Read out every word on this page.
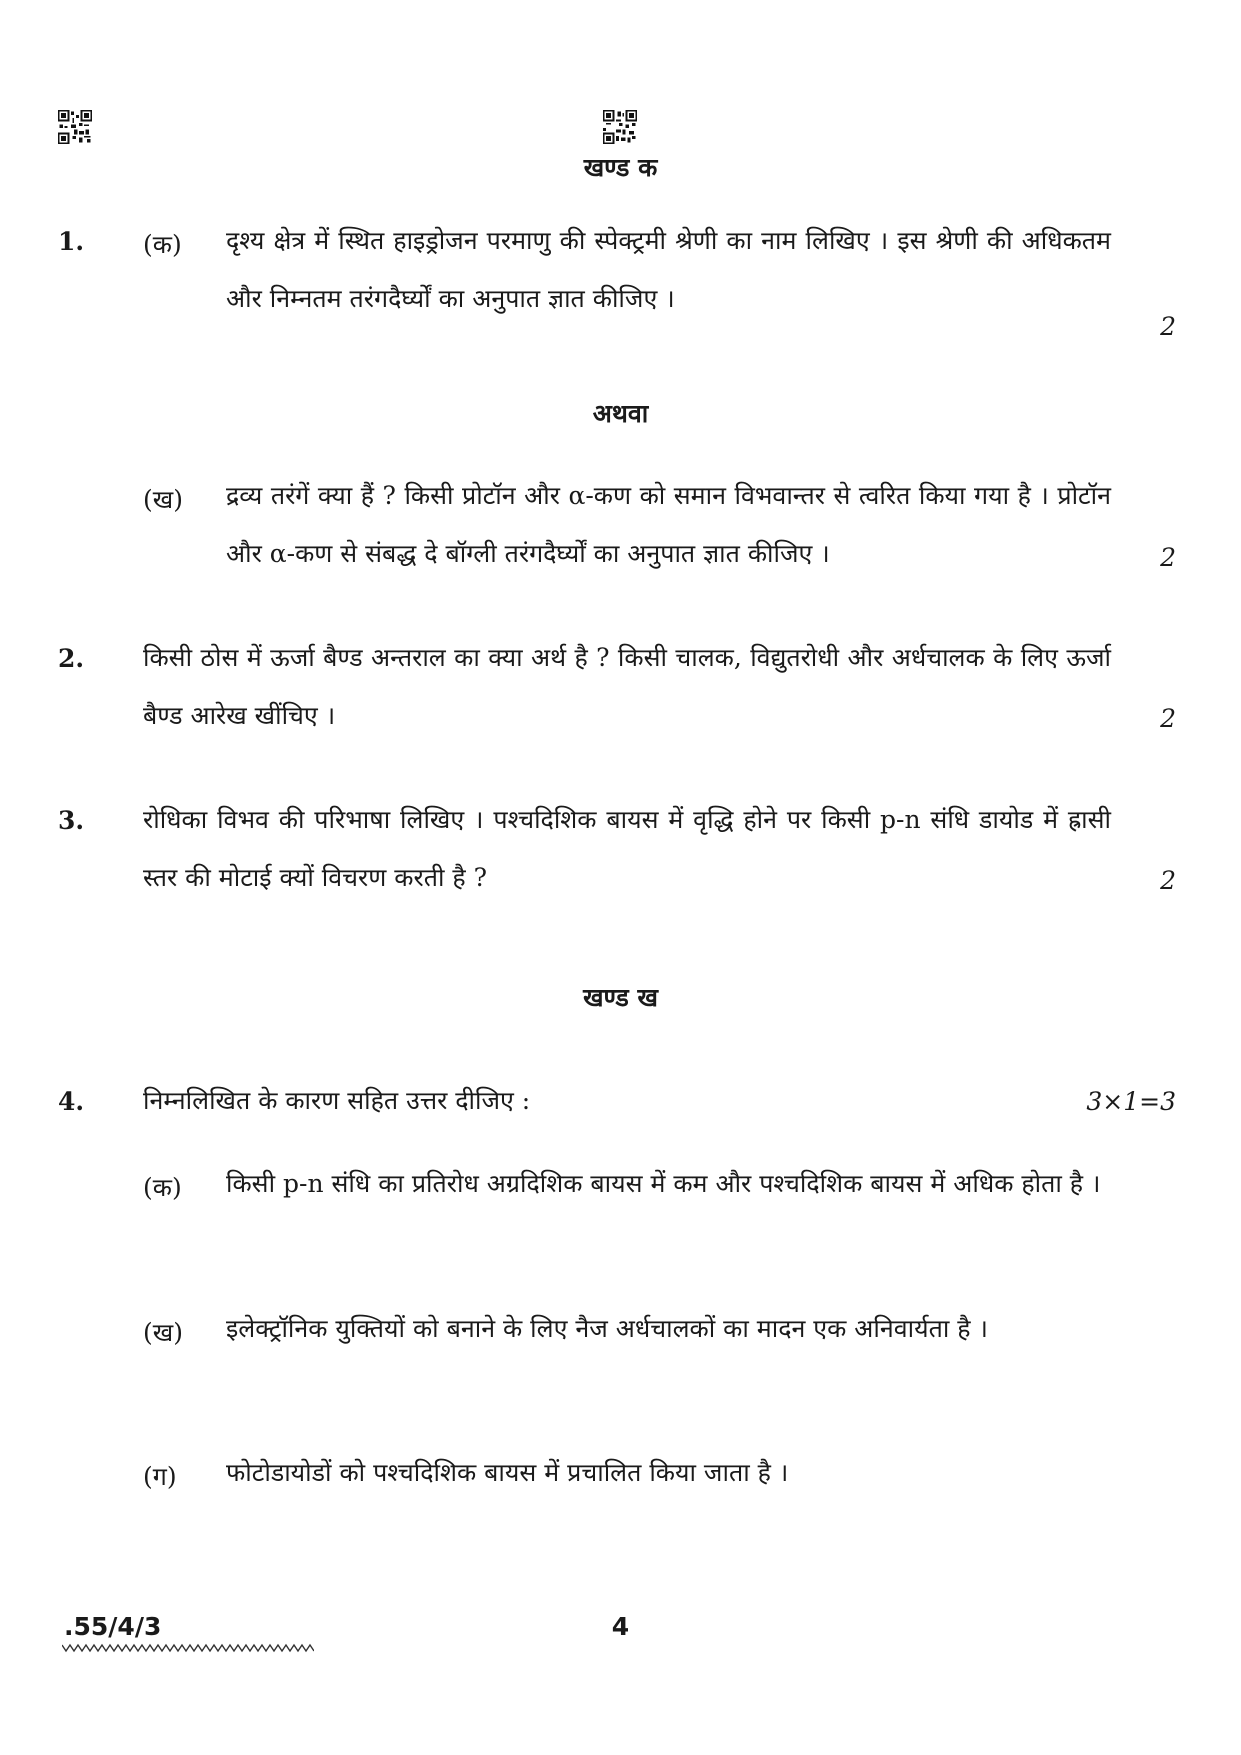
खण्ड क
1. (क) दृश्य क्षेत्र में स्थित हाइड्रोजन परमाणु की स्पेक्ट्रमी श्रेणी का नाम लिखिए । इस श्रेणी की अधिकतम और निम्नतम तरंगदैर्घ्यों का अनुपात ज्ञात कीजिए ।
2
अथवा
(ख) द्रव्य तरंगें क्या हैं ? किसी प्रोटॉन और α-कण को समान विभवान्तर से त्वरित किया गया है । प्रोटॉन और α-कण से संबद्ध दे बॉग्ली तरंगदैर्घ्यों का अनुपात ज्ञात कीजिए ।	2
2. किसी ठोस में ऊर्जा बैण्ड अन्तराल का क्या अर्थ है ? किसी चालक, विद्युतरोधी और अर्धचालक के लिए ऊर्जा बैण्ड आरेख खींचिए ।	2
3. रोधिका विभव की परिभाषा लिखिए । पश्चदिशिक बायस में वृद्धि होने पर किसी p-n संधि डायोड में ह्रासी स्तर की मोटाई क्यों विचरण करती है ?	2
खण्ड ख
4. निम्नलिखित के कारण सहित उत्तर दीजिए :	3×1=3
(क) किसी p-n संधि का प्रतिरोध अग्रदिशिक बायस में कम और पश्चदिशिक बायस में अधिक होता है ।
(ख) इलेक्ट्रॉनिक युक्तियों को बनाने के लिए नैज अर्धचालकों का मादन एक अनिवार्यता है ।
(ग) फोटोडायोडों को पश्चदिशिक बायस में प्रचालित किया जाता है ।
.55/4/3	4
